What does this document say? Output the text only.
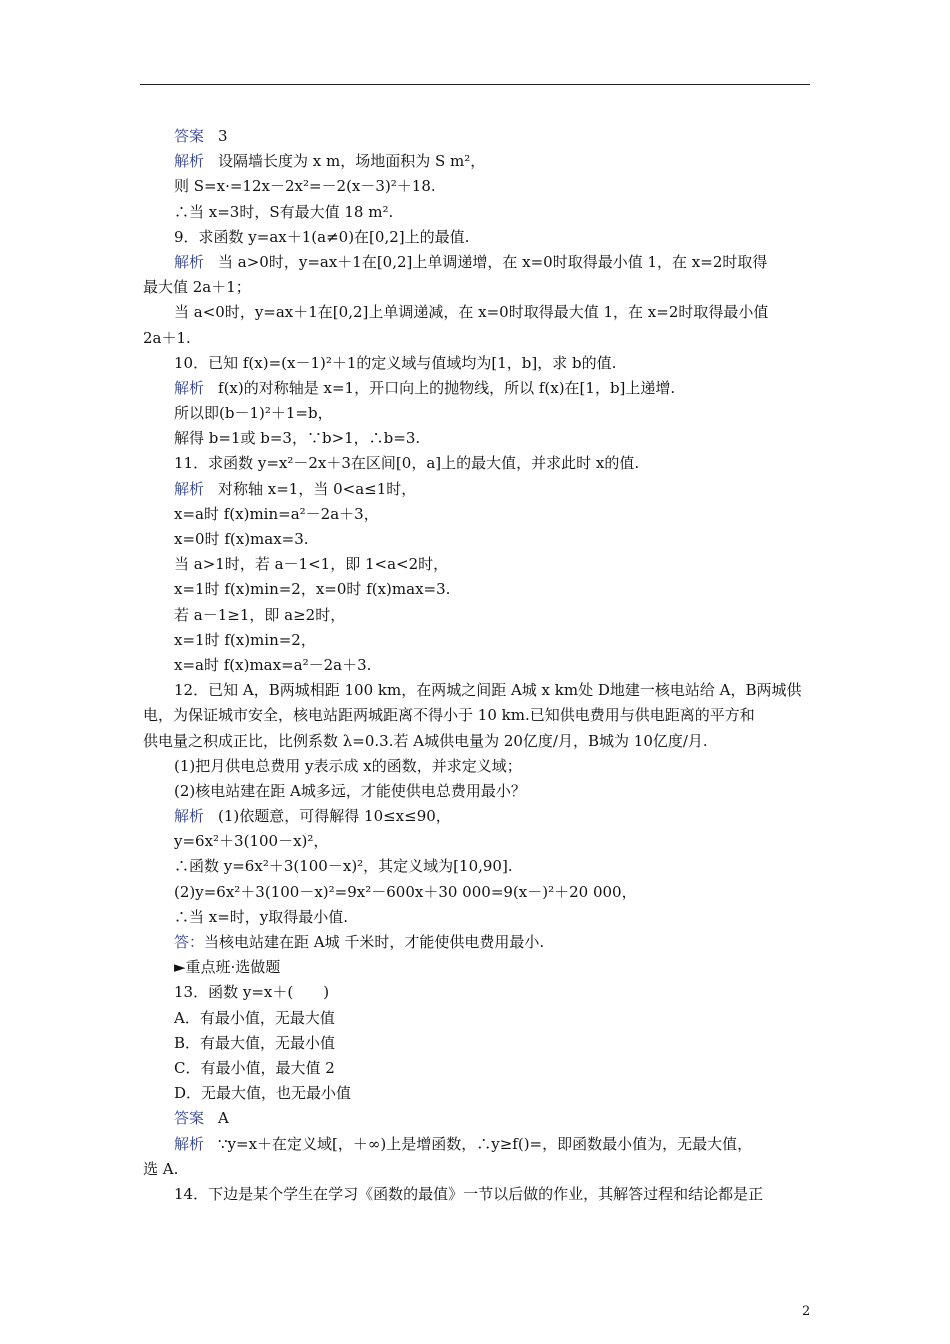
答案 3
解析 设隔墙长度为 x m，场地面积为 S m²，
则 S=x·=12x－2x²=－2(x－3)²＋18.
∴当 x=3时，S有最大值 18 m².
9．求函数 y=ax＋1(a≠0)在[0,2]上的最值.
解析 当 a>0时，y=ax＋1在[0,2]上单调递增，在 x=0时取得最小值 1，在 x=2时取得
最大值 2a＋1；
当 a<0时，y=ax＋1在[0,2]上单调递减，在 x=0时取得最大值 1，在 x=2时取得最小值
2a＋1.
10．已知 f(x)=(x－1)²＋1的定义域与值域均为[1，b]，求 b的值.
解析 f(x)的对称轴是 x=1，开口向上的抛物线，所以 f(x)在[1，b]上递增.
所以即(b－1)²＋1=b，
解得 b=1或 b=3，∵b>1，∴b=3.
11．求函数 y=x²－2x＋3在区间[0，a]上的最大值，并求此时 x的值.
解析 对称轴 x=1，当 0<a≤1时，
x=a时 f(x)min=a²－2a＋3，
x=0时 f(x)max=3.
当 a>1时，若 a－1<1，即 1<a<2时，
x=1时 f(x)min=2，x=0时 f(x)max=3.
若 a－1≥1，即 a≥2时，
x=1时 f(x)min=2，
x=a时 f(x)max=a²－2a＋3.
12．已知 A，B两城相距 100 km，在两城之间距 A城 x km处 D地建一核电站给 A，B两城供
电，为保证城市安全，核电站距两城距离不得小于 10 km.已知供电费用与供电距离的平方和
供电量之积成正比，比例系数 λ=0.3.若 A城供电量为 20亿度/月，B城为 10亿度/月.
(1)把月供电总费用 y表示成 x的函数，并求定义域；
(2)核电站建在距 A城多远，才能使供电总费用最小？
解析 (1)依题意，可得解得 10≤x≤90，
y=6x²＋3(100－x)²，
∴函数 y=6x²＋3(100－x)²，其定义域为[10,90].
(2)y=6x²＋3(100－x)²=9x²－600x＋30 000=9(x－)²＋20 000，
∴当 x=时，y取得最小值.
答：当核电站建在距 A城 千米时，才能使供电费用最小.
►重点班·选做题
13．函数 y=x＋(　　)
A．有最小值，无最大值
B．有最大值，无最小值
C．有最小值，最大值 2
D．无最大值，也无最小值
答案 A
解析 ∵y=x＋在定义域[，＋∞)上是增函数，∴y≥f()=，即函数最小值为，无最大值，
选 A.
14．下边是某个学生在学习《函数的最值》一节以后做的作业，其解答过程和结论都是正
2
